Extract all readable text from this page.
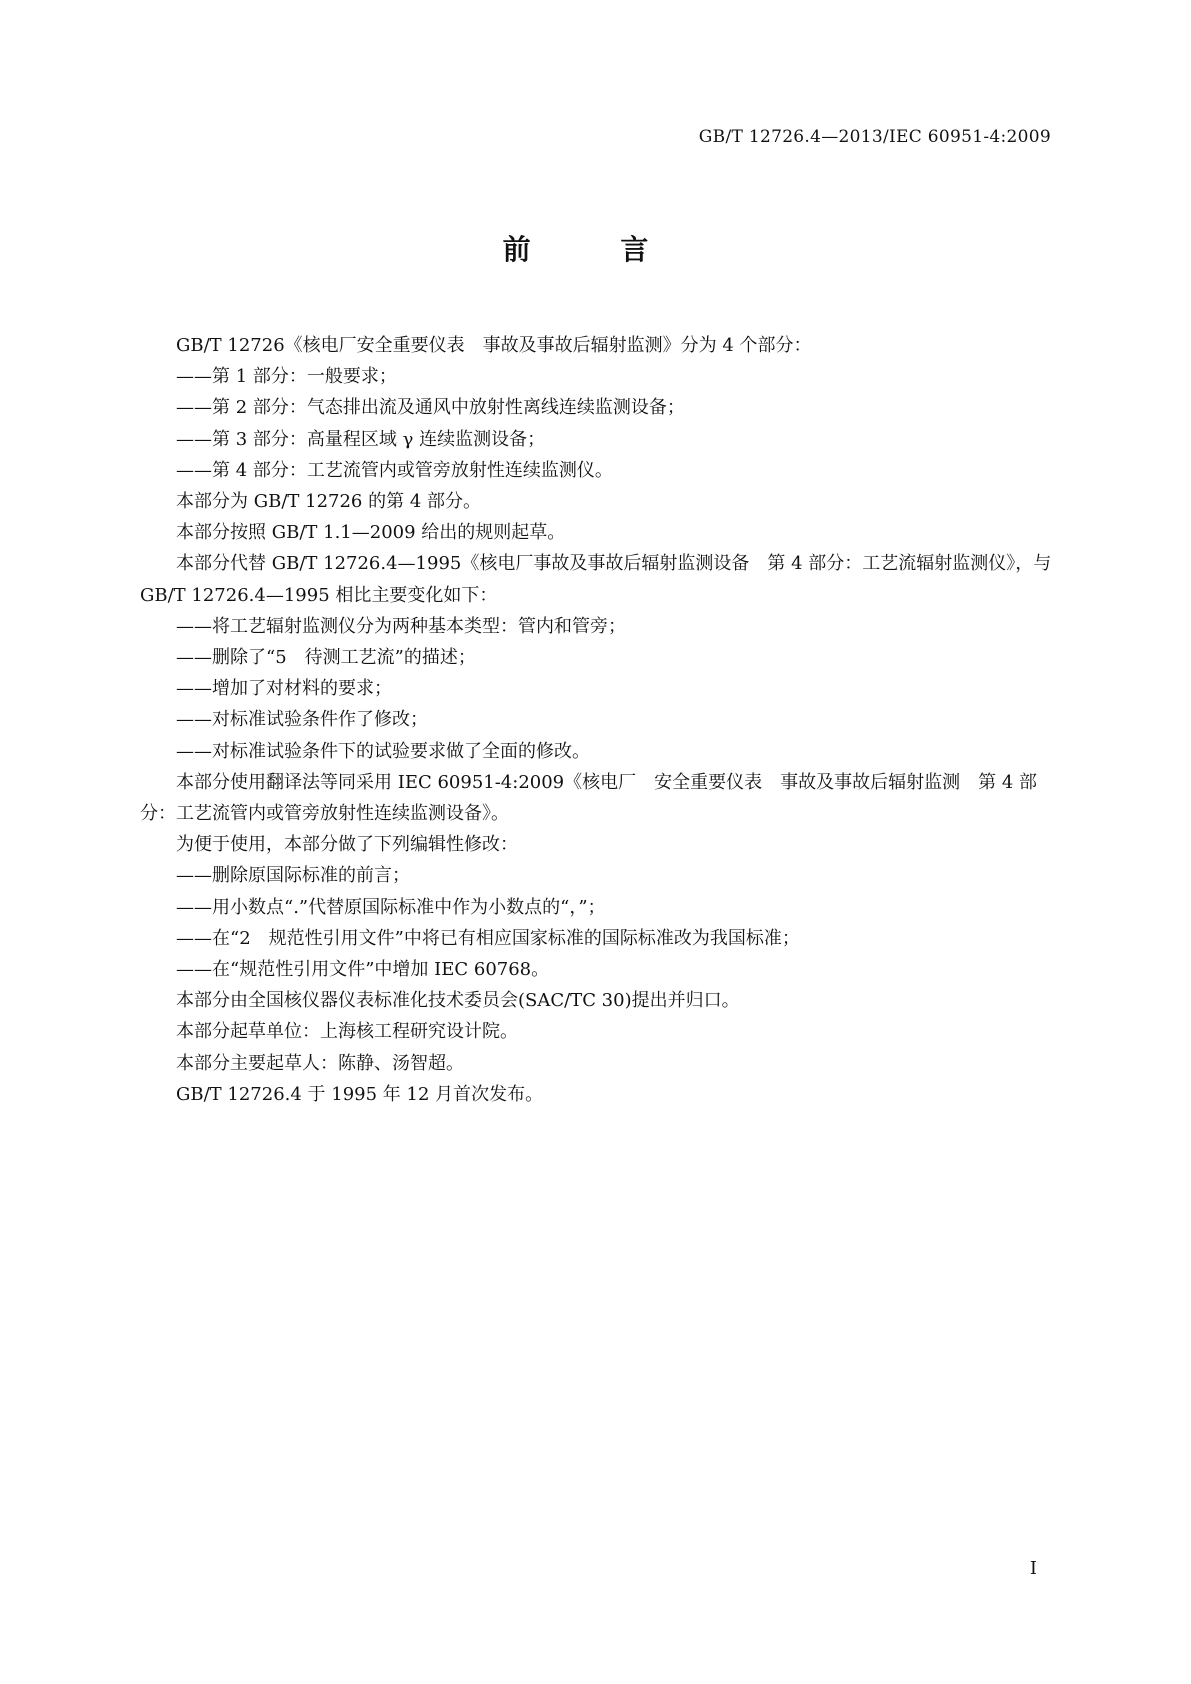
GB/T 12726.4—2013/IEC 60951-4:2009
前 言

GB/T 12726《核电厂安全重要仪表　事故及事故后辐射监测》分为 4 个部分：

——第 1 部分：一般要求；

——第 2 部分：气态排出流及通风中放射性离线连续监测设备；

——第 3 部分：高量程区域 γ 连续监测设备；

——第 4 部分：工艺流管内或管旁放射性连续监测仪。

本部分为 GB/T 12726 的第 4 部分。

本部分按照 GB/T 1.1—2009 给出的规则起草。

本部分代替 GB/T 12726.4—1995《核电厂事故及事故后辐射监测设备　第 4 部分：工艺流辐射监测仪》，与 GB/T 12726.4—1995 相比主要变化如下：

——将工艺辐射监测仪分为两种基本类型：管内和管旁；

——删除了“5　待测工艺流”的描述；

——增加了对材料的要求；

——对标准试验条件作了修改；

——对标准试验条件下的试验要求做了全面的修改。

本部分使用翻译法等同采用 IEC 60951-4:2009《核电厂　安全重要仪表　事故及事故后辐射监测　第 4 部分：工艺流管内或管旁放射性连续监测设备》。

为便于使用，本部分做了下列编辑性修改：

——删除原国际标准的前言；

——用小数点“.”代替原国际标准中作为小数点的“，”；

——在“2　规范性引用文件”中将已有相应国家标准的国际标准改为我国标准；

——在“规范性引用文件”中增加 IEC 60768。

本部分由全国核仪器仪表标准化技术委员会(SAC/TC 30)提出并归口。

本部分起草单位：上海核工程研究设计院。

本部分主要起草人：陈静、汤智超。

GB/T 12726.4 于 1995 年 12 月首次发布。

I
